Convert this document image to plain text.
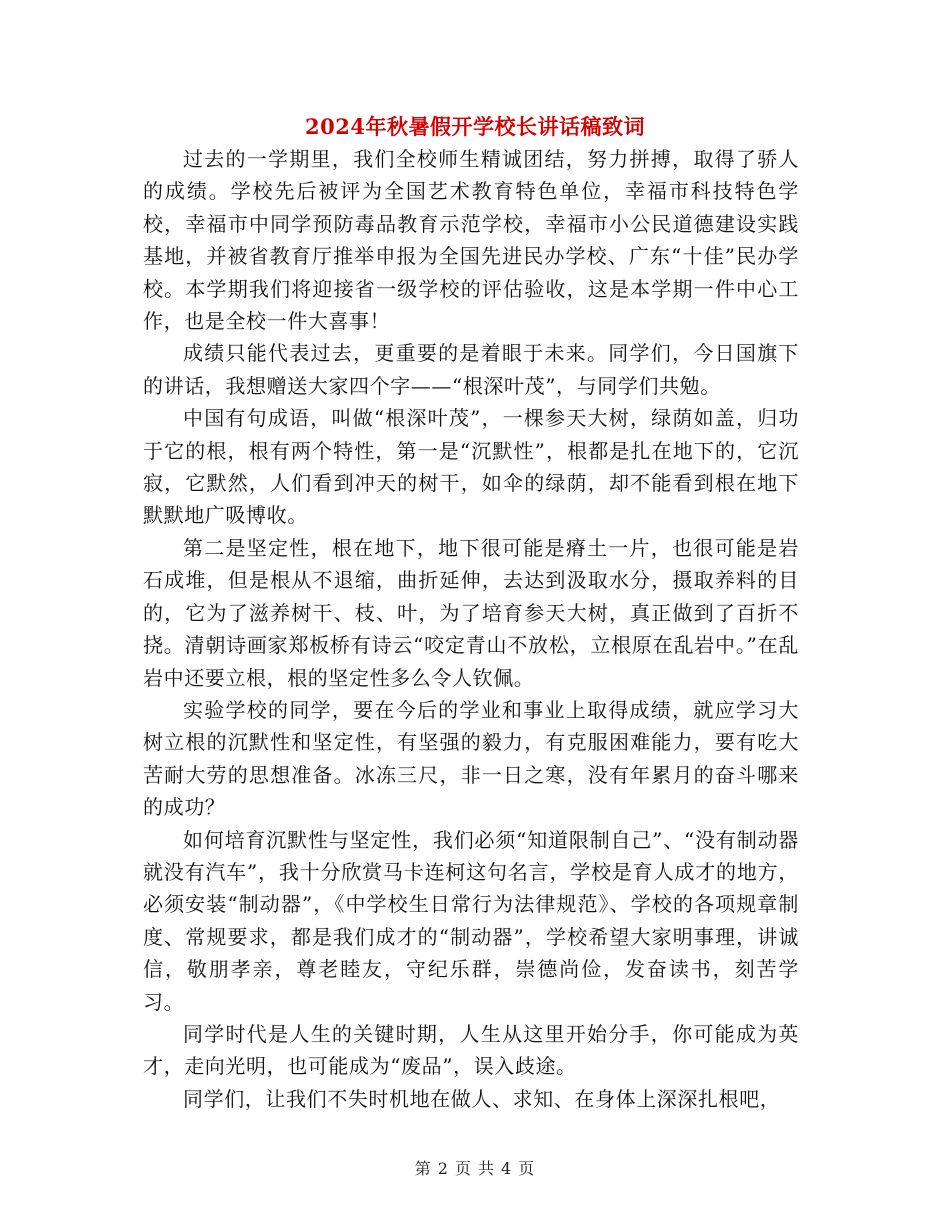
2024年秋暑假开学校长讲话稿致词

过去的一学期里，我们全校师生精诚团结，努力拼搏，取得了骄人的成绩。学校先后被评为全国艺术教育特色单位，幸福市科技特色学校，幸福市中同学预防毒品教育示范学校，幸福市小公民道德建设实践基地，并被省教育厅推举申报为全国先进民办学校、广东“十佳”民办学校。本学期我们将迎接省一级学校的评估验收，这是本学期一件中心工作，也是全校一件大喜事！

成绩只能代表过去，更重要的是着眼于未来。同学们，今日国旗下的讲话，我想赠送大家四个字——“根深叶茂”，与同学们共勉。

中国有句成语，叫做“根深叶茂”，一棵参天大树，绿荫如盖，归功于它的根，根有两个特性，第一是“沉默性”，根都是扎在地下的，它沉寂，它默然，人们看到冲天的树干，如伞的绿荫，却不能看到根在地下默默地广吸博收。

第二是坚定性，根在地下，地下很可能是瘠土一片，也很可能是岩石成堆，但是根从不退缩，曲折延伸，去达到汲取水分，摄取养料的目的，它为了滋养树干、枝、叶，为了培育参天大树，真正做到了百折不挠。清朝诗画家郑板桥有诗云“咬定青山不放松，立根原在乱岩中。”在乱岩中还要立根，根的坚定性多么令人钦佩。

实验学校的同学，要在今后的学业和事业上取得成绩，就应学习大树立根的沉默性和坚定性，有坚强的毅力，有克服困难能力，要有吃大苦耐大劳的思想准备。冰冻三尺，非一日之寒，没有年累月的奋斗哪来的成功？

如何培育沉默性与坚定性，我们必须“知道限制自己”、“没有制动器就没有汽车”，我十分欣赏马卡连柯这句名言，学校是育人成才的地方，必须安装“制动器”，《中学校生日常行为法律规范》、学校的各项规章制度、常规要求，都是我们成才的“制动器”，学校希望大家明事理，讲诚信，敬朋孝亲，尊老睦友，守纪乐群，崇德尚俭，发奋读书，刻苦学习。

同学时代是人生的关键时期，人生从这里开始分手，你可能成为英才，走向光明，也可能成为“废品”，误入歧途。

同学们，让我们不失时机地在做人、求知、在身体上深深扎根吧，

第 2 页 共 4 页
